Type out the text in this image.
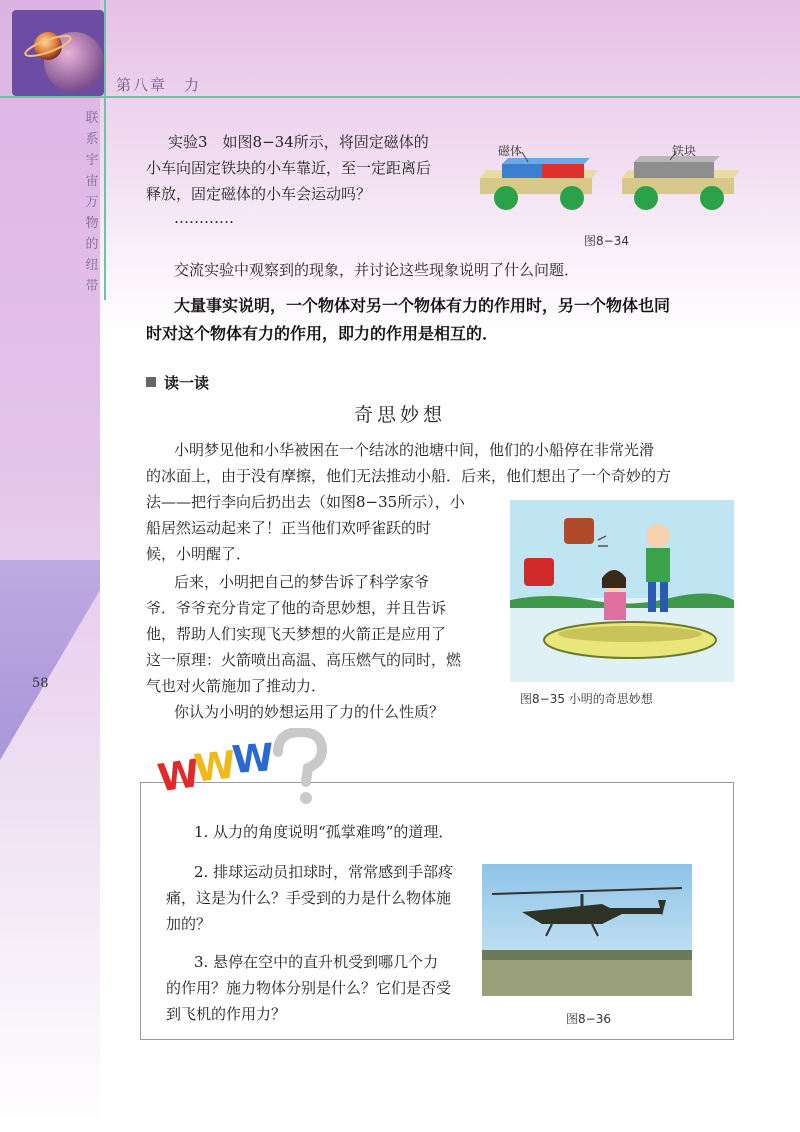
第八章　力
联系宇宙万物的纽带
58
实验3　如图8−34所示，将固定磁体的
小车向固定铁块的小车靠近，至一定距离后
释放，固定磁体的小车会运动吗？
…………
磁体	铁块
图8−34
交流实验中观察到的现象，并讨论这些现象说明了什么问题．
大量事实说明，一个物体对另一个物体有力的作用时，另一个物体也同
时对这个物体有力的作用，即力的作用是相互的．
读一读
奇思妙想
小明梦见他和小华被困在一个结冰的池塘中间，他们的小船停在非常光滑
的冰面上，由于没有摩擦，他们无法推动小船．后来，他们想出了一个奇妙的方
法——把行李向后扔出去（如图8−35所示），小
船居然运动起来了！正当他们欢呼雀跃的时
候，小明醒了．
后来，小明把自己的梦告诉了科学家爷
爷．爷爷充分肯定了他的奇思妙想，并且告诉
他，帮助人们实现飞天梦想的火箭正是应用了
这一原理：火箭喷出高温、高压燃气的同时，燃
气也对火箭施加了推动力．
你认为小明的妙想运用了力的什么性质？
图8−35 小明的奇思妙想
W
W
W
1. 从力的角度说明“孤掌难鸣”的道理．
2. 排球运动员扣球时，常常感到手部疼
痛，这是为什么？手受到的力是什么物体施
加的？
3. 悬停在空中的直升机受到哪几个力
的作用？施力物体分别是什么？它们是否受
到飞机的作用力？	图8−36
